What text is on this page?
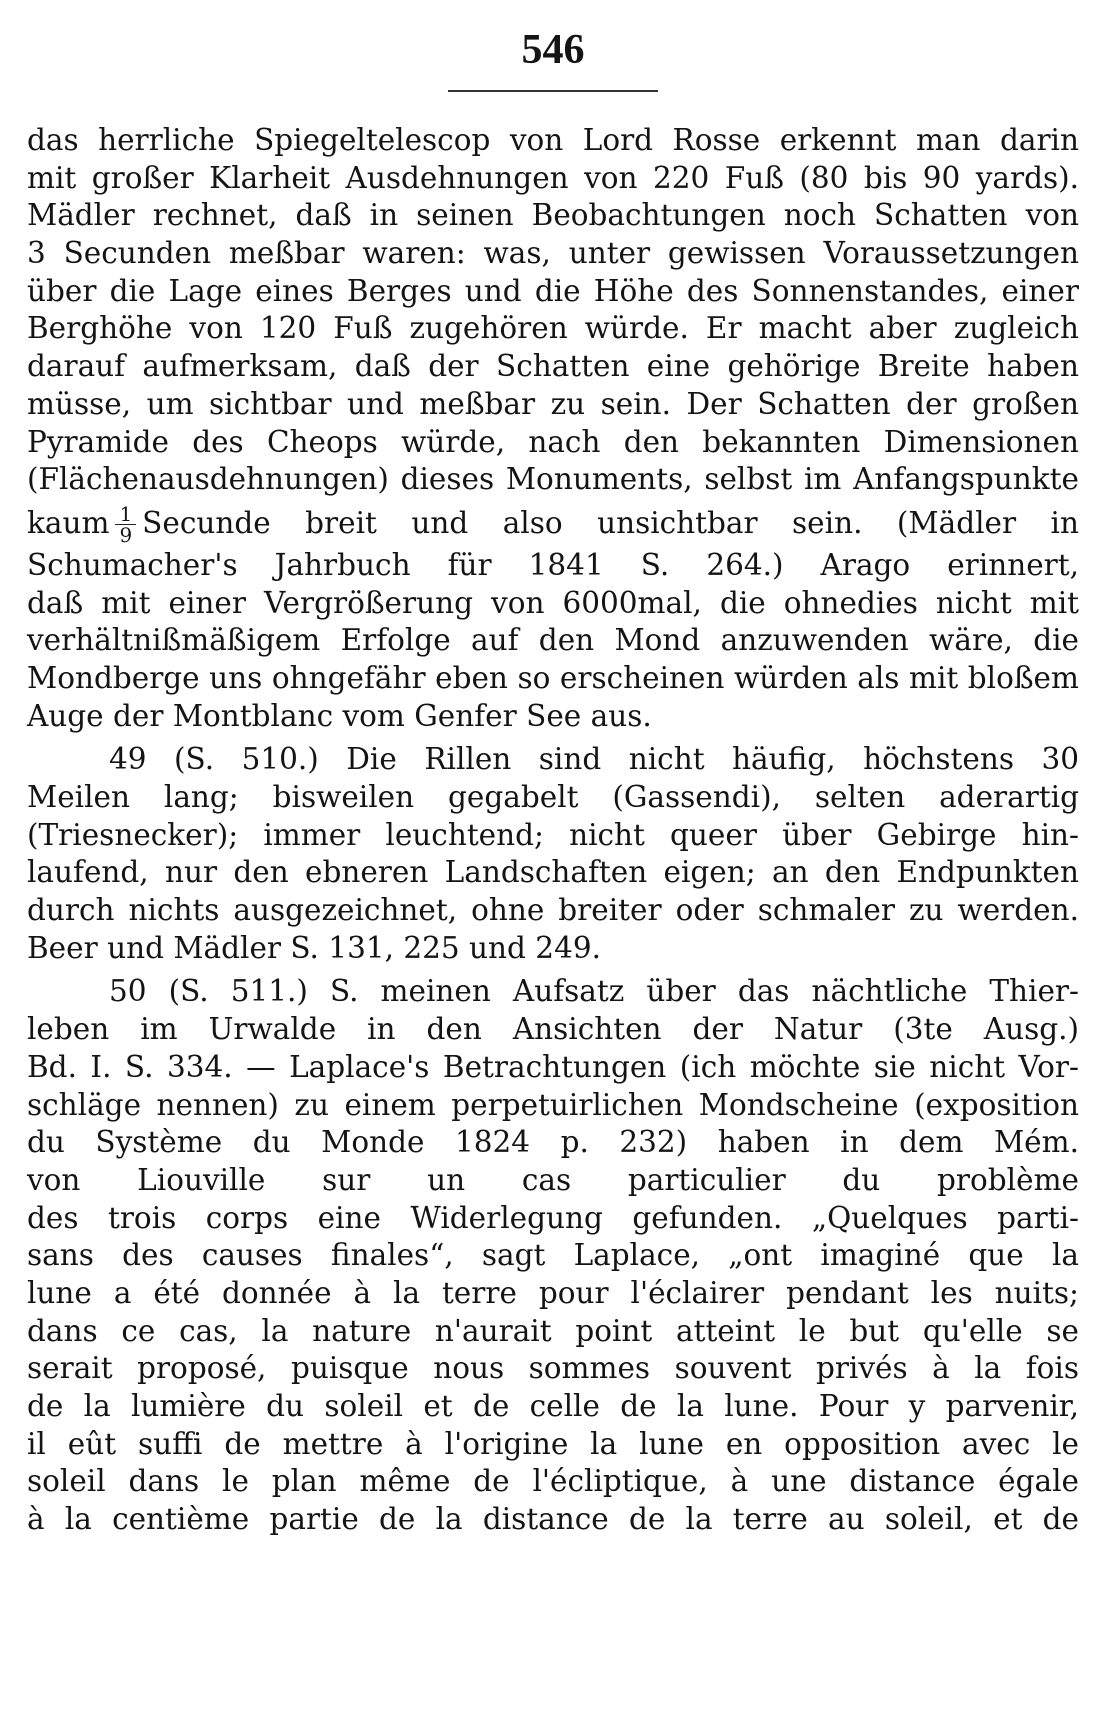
546
das herrliche Spiegeltelescop von Lord Rosse erkennt man darin
mit großer Klarheit Ausdehnungen von 220 Fuß (80 bis 90 yards).
Mädler rechnet, daß in seinen Beobachtungen noch Schatten von
3 Secunden meßbar waren: was, unter gewissen Voraussetzungen
über die Lage eines Berges und die Höhe des Sonnenstandes, einer
Berghöhe von 120 Fuß zugehören würde. Er macht aber zugleich
darauf aufmerksam, daß der Schatten eine gehörige Breite haben
müsse, um sichtbar und meßbar zu sein. Der Schatten der großen
Pyramide des Cheops würde, nach den bekannten Dimensionen
(Flächenausdehnungen) dieses Monuments, selbst im Anfangspunkte
kaum $\frac{1}{9}$ Secunde breit und also unsichtbar sein. (Mädler in
Schumacher's Jahrbuch für 1841 S. 264.) Arago erinnert,
daß mit einer Vergrößerung von 6000mal, die ohnedies nicht mit
verhältnißmäßigem Erfolge auf den Mond anzuwenden wäre, die
Mondberge uns ohngefähr eben so erscheinen würden als mit bloßem
Auge der Montblanc vom Genfer See aus.
49 (S. 510.) Die Rillen sind nicht häufig, höchstens 30
Meilen lang; bisweilen gegabelt (Gassendi), selten aderartig
(Triesnecker); immer leuchtend; nicht queer über Gebirge hin-
laufend, nur den ebneren Landschaften eigen; an den Endpunkten
durch nichts ausgezeichnet, ohne breiter oder schmaler zu werden.
Beer und Mädler S. 131, 225 und 249.
50 (S. 511.) S. meinen Aufsatz über das nächtliche Thier-
leben im Urwalde in den Ansichten der Natur (3te Ausg.)
Bd. I. S. 334. — Laplace's Betrachtungen (ich möchte sie nicht Vor-
schläge nennen) zu einem perpetuirlichen Mondscheine (exposition
du Système du Monde 1824 p. 232) haben in dem Mém.
von Liouville sur un cas particulier du problème
des trois corps eine Widerlegung gefunden. „Quelques parti-
sans des causes finales“, sagt Laplace, „ont imaginé que la
lune a été donnée à la terre pour l'éclairer pendant les nuits;
dans ce cas, la nature n'aurait point atteint le but qu'elle se
serait proposé, puisque nous sommes souvent privés à la fois
de la lumière du soleil et de celle de la lune. Pour y parvenir,
il eût suffi de mettre à l'origine la lune en opposition avec le
soleil dans le plan même de l'écliptique, à une distance égale
à la centième partie de la distance de la terre au soleil, et de
